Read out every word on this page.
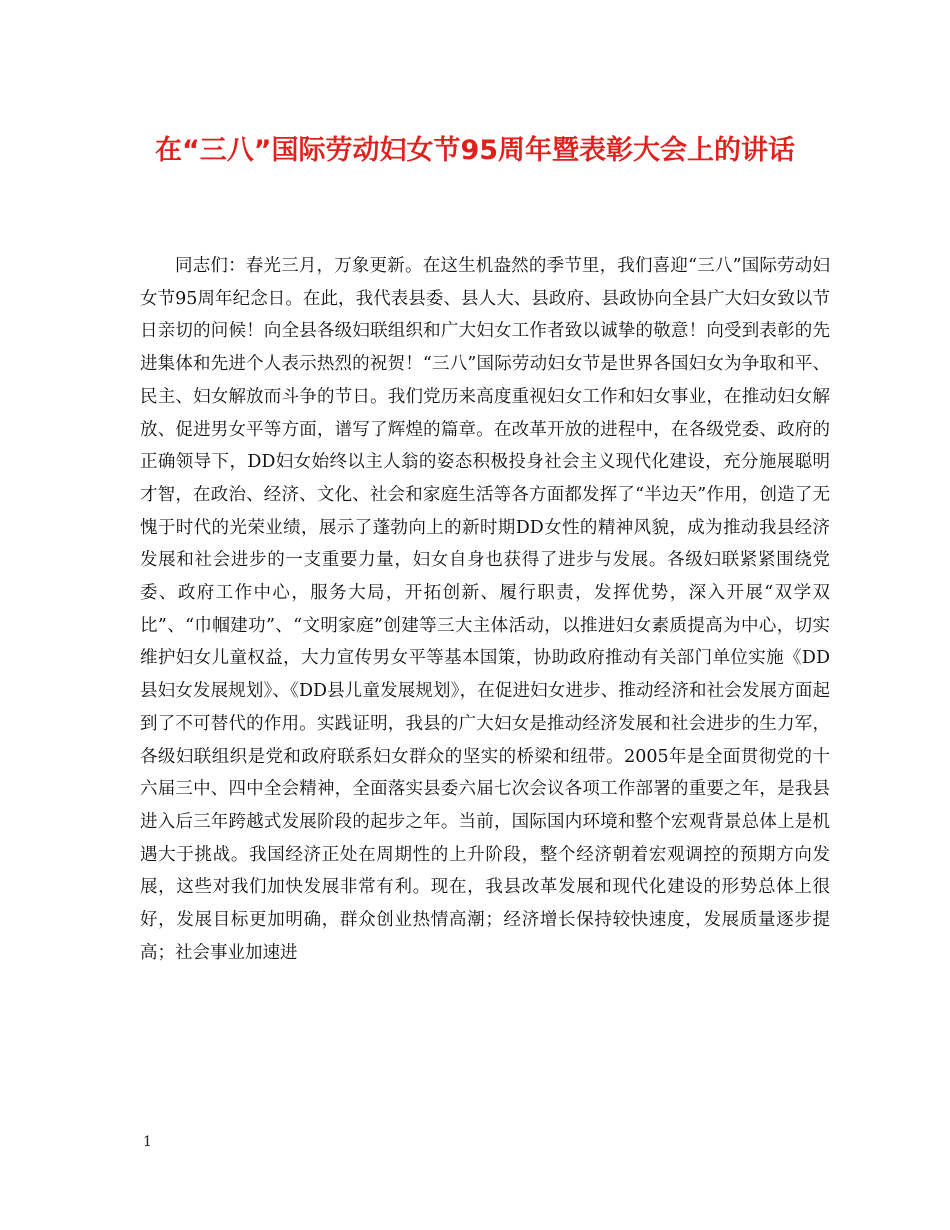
在“三八”国际劳动妇女节95周年暨表彰大会上的讲话

同志们：春光三月，万象更新。在这生机盎然的季节里，我们喜迎“三八”国际劳动妇女节95周年纪念日。在此，我代表县委、县人大、县政府、县政协向全县广大妇女致以节日亲切的问候！向全县各级妇联组织和广大妇女工作者致以诚挚的敬意！向受到表彰的先进集体和先进个人表示热烈的祝贺！“三八”国际劳动妇女节是世界各国妇女为争取和平、民主、妇女解放而斗争的节日。我们党历来高度重视妇女工作和妇女事业，在推动妇女解放、促进男女平等方面，谱写了辉煌的篇章。在改革开放的进程中，在各级党委、政府的正确领导下，DD妇女始终以主人翁的姿态积极投身社会主义现代化建设，充分施展聪明才智，在政治、经济、文化、社会和家庭生活等各方面都发挥了“半边天”作用，创造了无愧于时代的光荣业绩，展示了蓬勃向上的新时期DD女性的精神风貌，成为推动我县经济发展和社会进步的一支重要力量，妇女自身也获得了进步与发展。各级妇联紧紧围绕党委、政府工作中心，服务大局，开拓创新、履行职责，发挥优势，深入开展“双学双比”、“巾帼建功”、“文明家庭”创建等三大主体活动，以推进妇女素质提高为中心，切实维护妇女儿童权益，大力宣传男女平等基本国策，协助政府推动有关部门单位实施《DD县妇女发展规划》、《DD县儿童发展规划》，在促进妇女进步、推动经济和社会发展方面起到了不可替代的作用。实践证明，我县的广大妇女是推动经济发展和社会进步的生力军，各级妇联组织是党和政府联系妇女群众的坚实的桥梁和纽带。2005年是全面贯彻党的十六届三中、四中全会精神，全面落实县委六届七次会议各项工作部署的重要之年，是我县进入后三年跨越式发展阶段的起步之年。当前，国际国内环境和整个宏观背景总体上是机遇大于挑战。我国经济正处在周期性的上升阶段，整个经济朝着宏观调控的预期方向发展，这些对我们加快发展非常有利。现在，我县改革发展和现代化建设的形势总体上很好，发展目标更加明确，群众创业热情高潮；经济增长保持较快速度，发展质量逐步提高；社会事业加速进

1
